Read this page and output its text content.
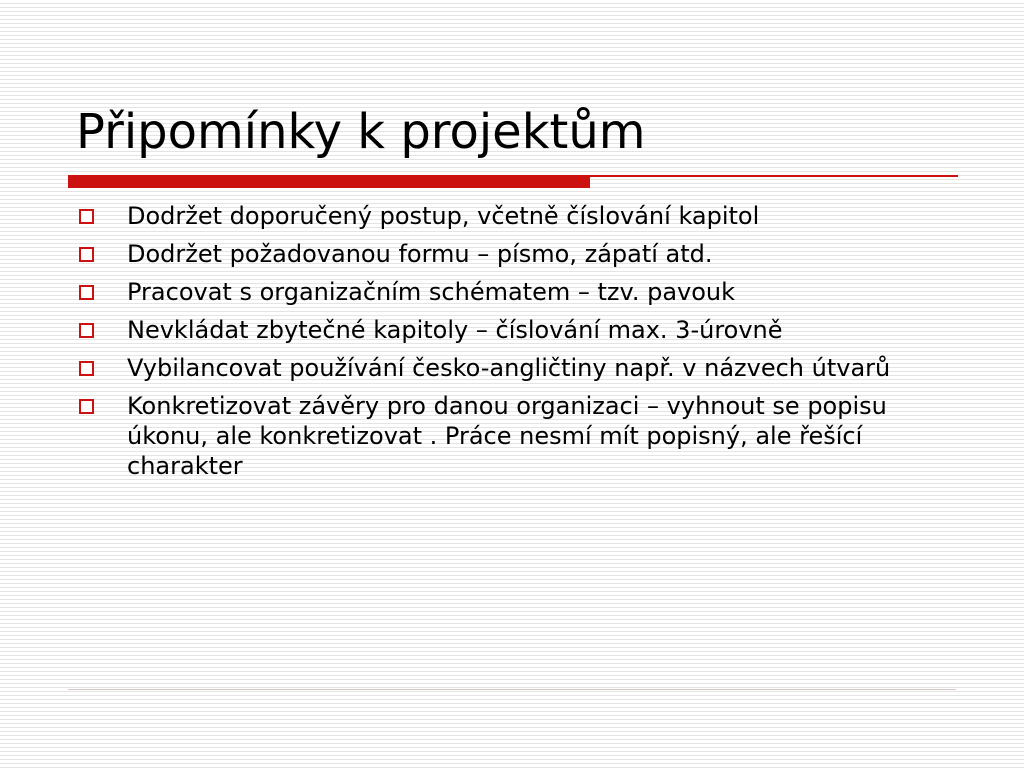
Připomínky k projektům
Dodržet doporučený postup, včetně číslování kapitol
Dodržet požadovanou formu – písmo, zápatí atd.
Pracovat s organizačním schématem – tzv. pavouk
Nevkládat zbytečné kapitoly – číslování max. 3-úrovně
Vybilancovat používání česko-angličtiny např. v názvech útvarů
Konkretizovat závěry pro danou organizaci – vyhnout se popisu úkonu, ale konkretizovat . Práce nesmí mít popisný, ale řešící charakter
